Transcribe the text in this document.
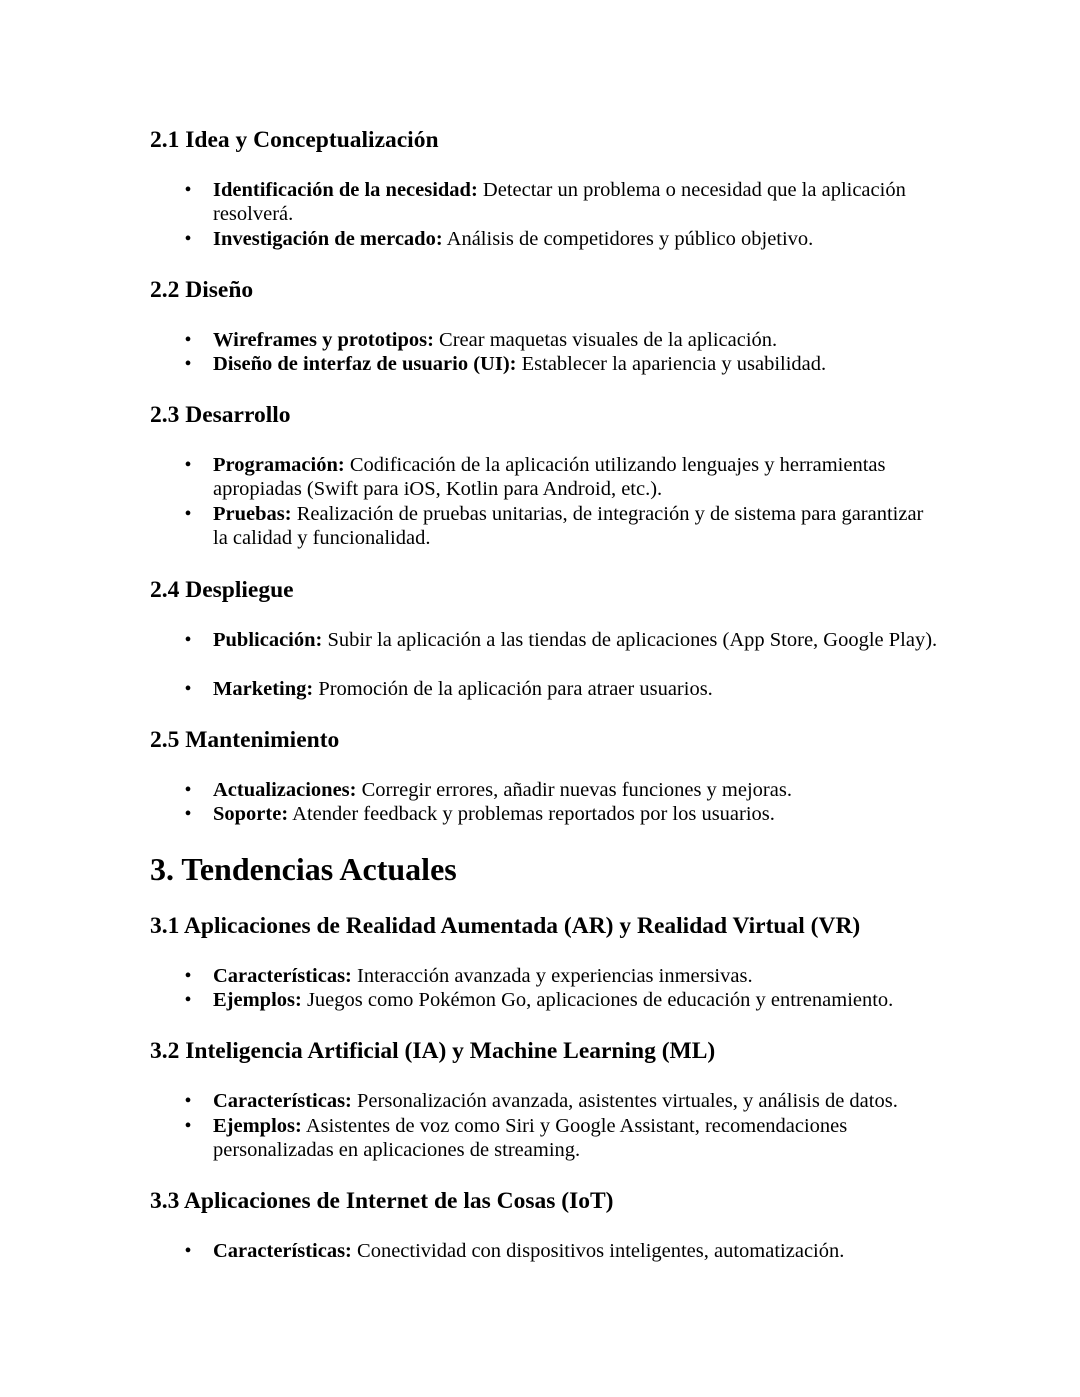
2.1 Idea y Conceptualización

•	Identificación de la necesidad: Detectar un problema o necesidad que la aplicación resolverá.

•	Investigación de mercado: Análisis de competidores y público objetivo.

2.2 Diseño

•	Wireframes y prototipos: Crear maquetas visuales de la aplicación.

•	Diseño de interfaz de usuario (UI): Establecer la apariencia y usabilidad.

2.3 Desarrollo

•	Programación: Codificación de la aplicación utilizando lenguajes y herramientas apropiadas (Swift para iOS, Kotlin para Android, etc.).

•	Pruebas: Realización de pruebas unitarias, de integración y de sistema para garantizar la calidad y funcionalidad.

2.4 Despliegue

•	Publicación: Subir la aplicación a las tiendas de aplicaciones (App Store, Google Play).

•	Marketing: Promoción de la aplicación para atraer usuarios.

2.5 Mantenimiento

•	Actualizaciones: Corregir errores, añadir nuevas funciones y mejoras.

•	Soporte: Atender feedback y problemas reportados por los usuarios.

3. Tendencias Actuales
3.1 Aplicaciones de Realidad Aumentada (AR) y Realidad Virtual (VR)

•	Características: Interacción avanzada y experiencias inmersivas.

•	Ejemplos: Juegos como Pokémon Go, aplicaciones de educación y entrenamiento.

3.2 Inteligencia Artificial (IA) y Machine Learning (ML)

•	Características: Personalización avanzada, asistentes virtuales, y análisis de datos.

•	Ejemplos: Asistentes de voz como Siri y Google Assistant, recomendaciones personalizadas en aplicaciones de streaming.

3.3 Aplicaciones de Internet de las Cosas (IoT)

•	Características: Conectividad con dispositivos inteligentes, automatización.
